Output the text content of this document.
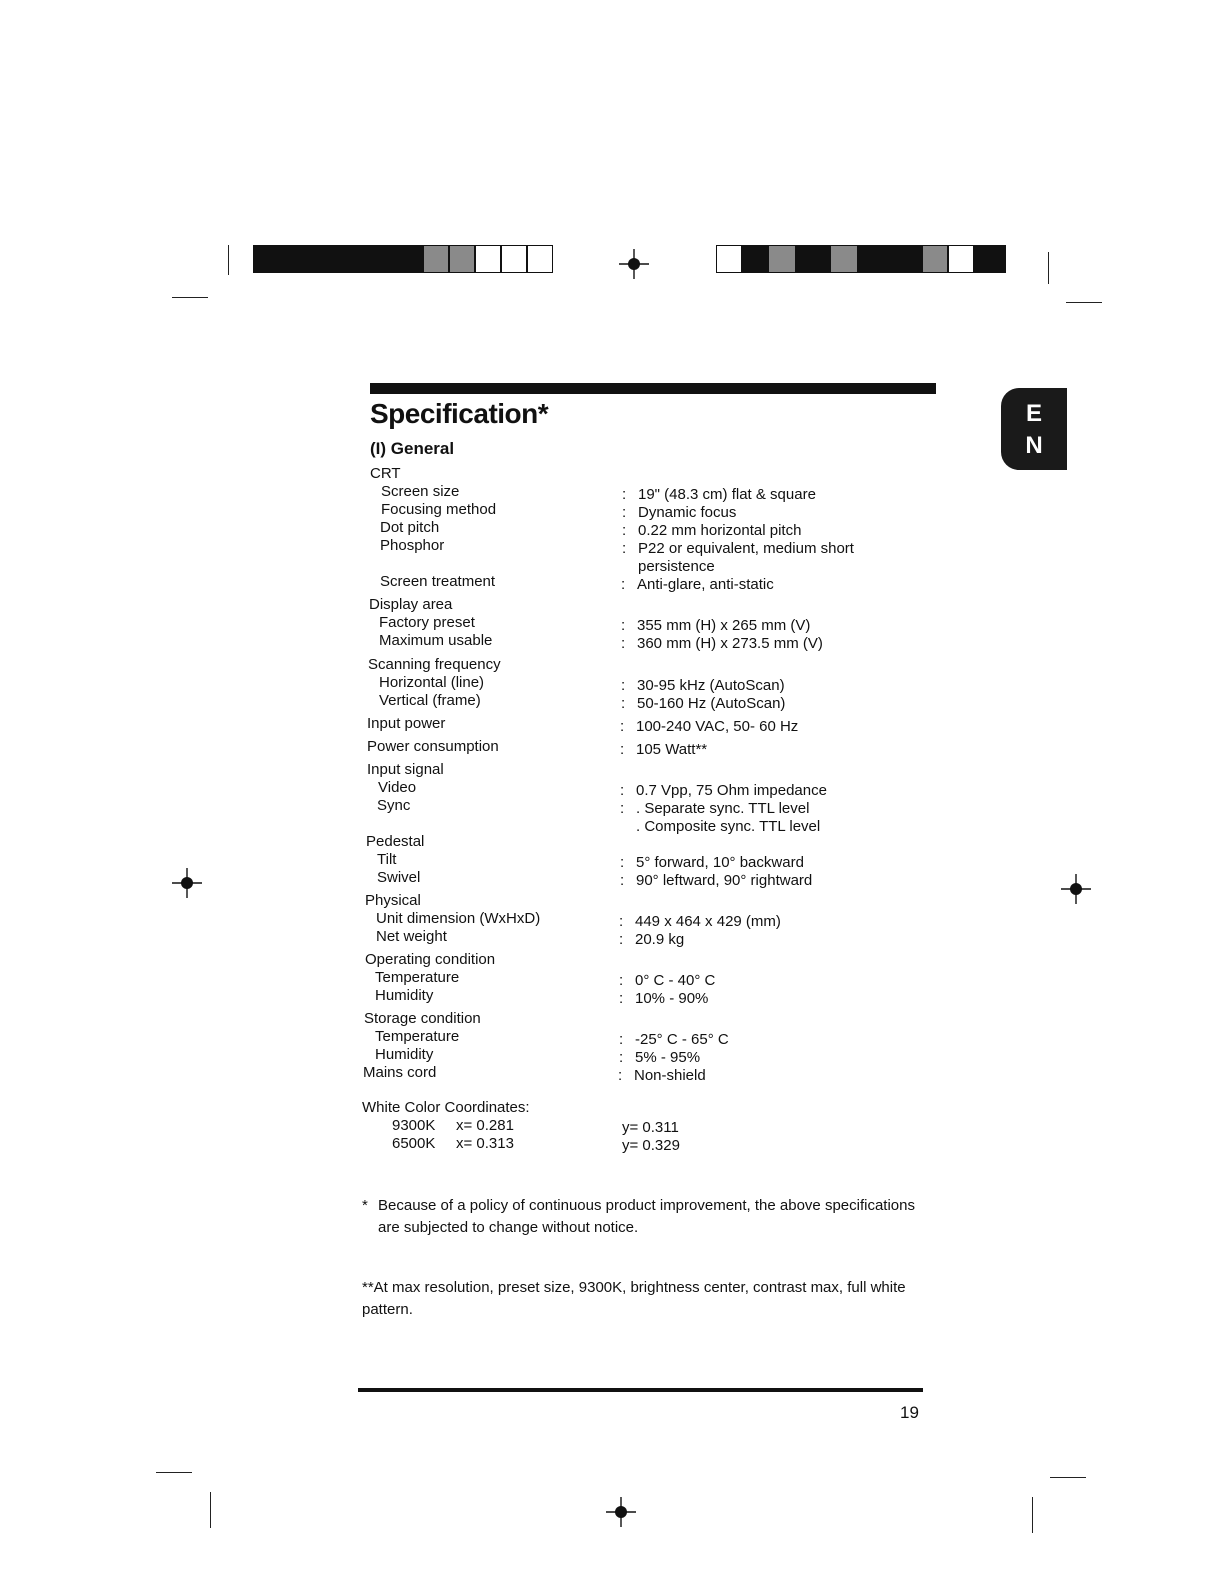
E
N
Specification*
(I) General
CRT
Screen size	: 19" (48.3 cm) flat & square
Focusing method	: Dynamic focus
Dot pitch	: 0.22 mm horizontal pitch
Phosphor	: P22 or equivalent, medium short
persistence
Screen treatment	: Anti-glare, anti-static
Display area
Factory preset	: 355 mm (H) x 265 mm (V)
Maximum usable	: 360 mm (H) x 273.5 mm (V)
Scanning frequency
Horizontal (line)	: 30-95 kHz (AutoScan)
Vertical (frame)	: 50-160 Hz (AutoScan)
Input power	: 100-240 VAC, 50- 60 Hz
Power consumption	: 105 Watt**
Input signal
Video	: 0.7 Vpp, 75 Ohm impedance
Sync	: . Separate sync. TTL level
. Composite sync. TTL level
Pedestal
Tilt	: 5° forward, 10° backward
Swivel	: 90° leftward, 90° rightward
Physical
Unit dimension (WxHxD)	: 449 x 464 x 429 (mm)
Net weight	: 20.9 kg
Operating condition
Temperature	: 0° C - 40° C
Humidity	: 10% - 90%
Storage condition
Temperature	: -25° C - 65° C
Humidity	: 5% - 95%
Mains cord	: Non-shield
White Color Coordinates:
9300K x= 0.281	y= 0.311
6500K x= 0.313	y= 0.329
* Because of a policy of continuous product improvement, the above specifications are subjected to change without notice.
**At max resolution, preset size, 9300K, brightness center, contrast max, full white pattern.
19
